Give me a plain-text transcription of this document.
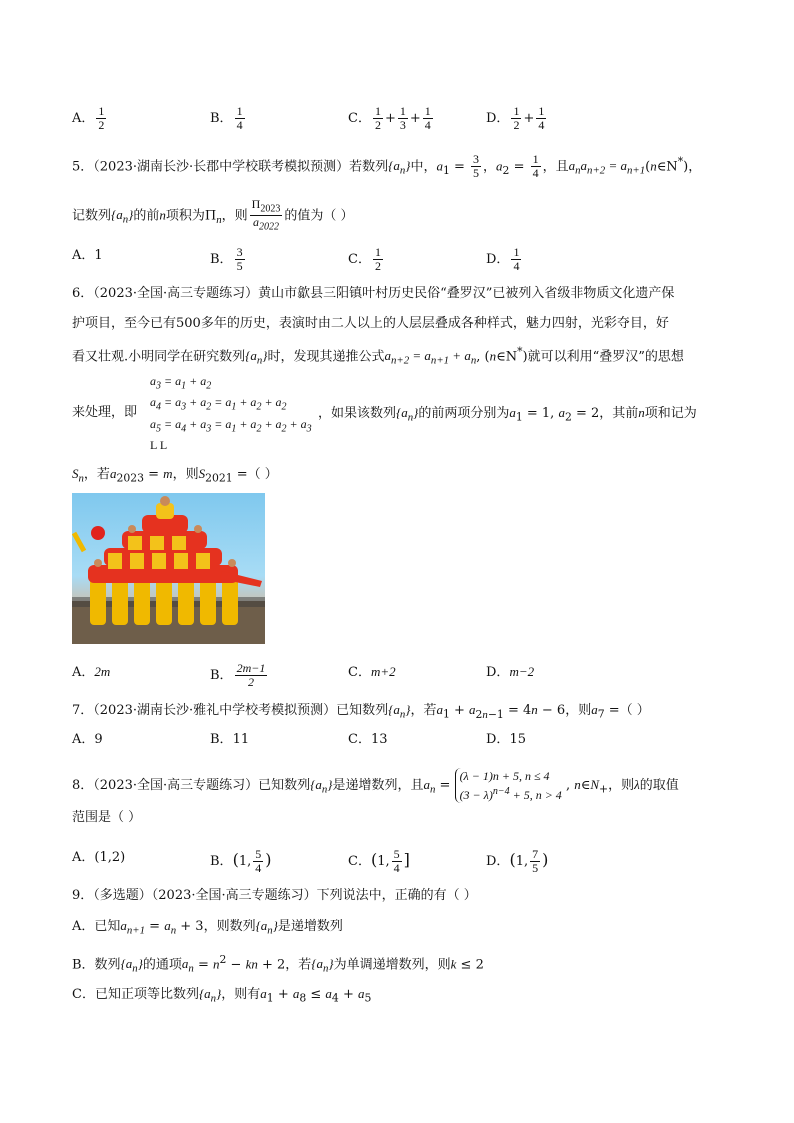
A． $\frac{1}{2}$	B． $\frac{1}{4}$	C． $\frac{1}{2} + \frac{1}{3} + \frac{1}{4}$	D． $\frac{1}{2} + \frac{1}{4}$
5．（2023·湖南长沙·长郡中学校联考模拟预测）若数列$\{a_n\}$中，$a_1 = \frac{3}{5}$ ，$a_2 = \frac{1}{4}$ ，且$a_na_{n+2}$ = $a_{n+1}(n\in N^*)$，
记数列$\{a_n\}$的前n项积为$\Pi_n$，则 $\frac{\Pi_{2023}}{a_{2022}}$ 的值为（ ）
A．1	B． $\frac{3}{5}$	C． $\frac{1}{2}$	D． $\frac{1}{4}$
6．（2023·全国·高三专题练习）黄山市歙县三阳镇叶村历史民俗“叠罗汉”已被列入省级非物质文化遗产保
护项目，至今已有500多年的历史，表演时由二人以上的人层层叠成各种样式，魅力四射，光彩夺目，好
看又壮观.小明同学在研究数列$\{a_n\}$时，发现其递推公式$a_{n+2} = a_{n+1} + a_n$, (n∈N*)就可以利用“叠罗汉”的思想
$a_3 = a_1 + a_2$
$a_4 = a_3 + a_2 = a_1 + a_2 + a_2$
$a_5 = a_4 + a_3 = a_1 + a_2 + a_2 + a_3$
L L
来处理，即	，如果该数列$\{a_n\}$的前两项分别为$a_1 = 1$, $a_2 = 2$，其前n项和记为
$S_n$，若$a_{2023} = m$，则$S_{2021}$ =（ ）
A．2m	B． $\frac{2m-1}{2}$	C．m+2	D．m−2
7．（2023·湖南长沙·雅礼中学校考模拟预测）已知数列$\{a_n\}$，若$a_1 + a_{2n-1} = 4n - 6$，则$a_7$ =（ ）
A．9	B．11	C．13	D．15
8．（2023·全国·高三专题练习）已知数列$\{a_n\}$是递增数列，且$a_n = (\lambda - 1)n + 5$, n ≤ 4
$(3 - \lambda)^{n-4} + 5$, n > 4 , $n\in N_+$，则λ的取值
范围是（ ）
A．(1,2)	B．(1, $\frac{5}{4}$ )	C．(1, $\frac{5}{4}$ ]	D．(1, $\frac{7}{5}$ )
9．（多选题）（2023·全国·高三专题练习）下列说法中，正确的有（ ）
A．已知$a_{n+1} = a_n + 3$，则数列$\{a_n\}$是递增数列
B．数列$\{a_n\}$的通项$a_n = n^2$ − kn + 2，若$\{a_n\}$为单调递增数列，则k ≤ 2
C．已知正项等比数列$\{a_n\}$，则有$a_1 + a_8 \le a_4 + a_5$
